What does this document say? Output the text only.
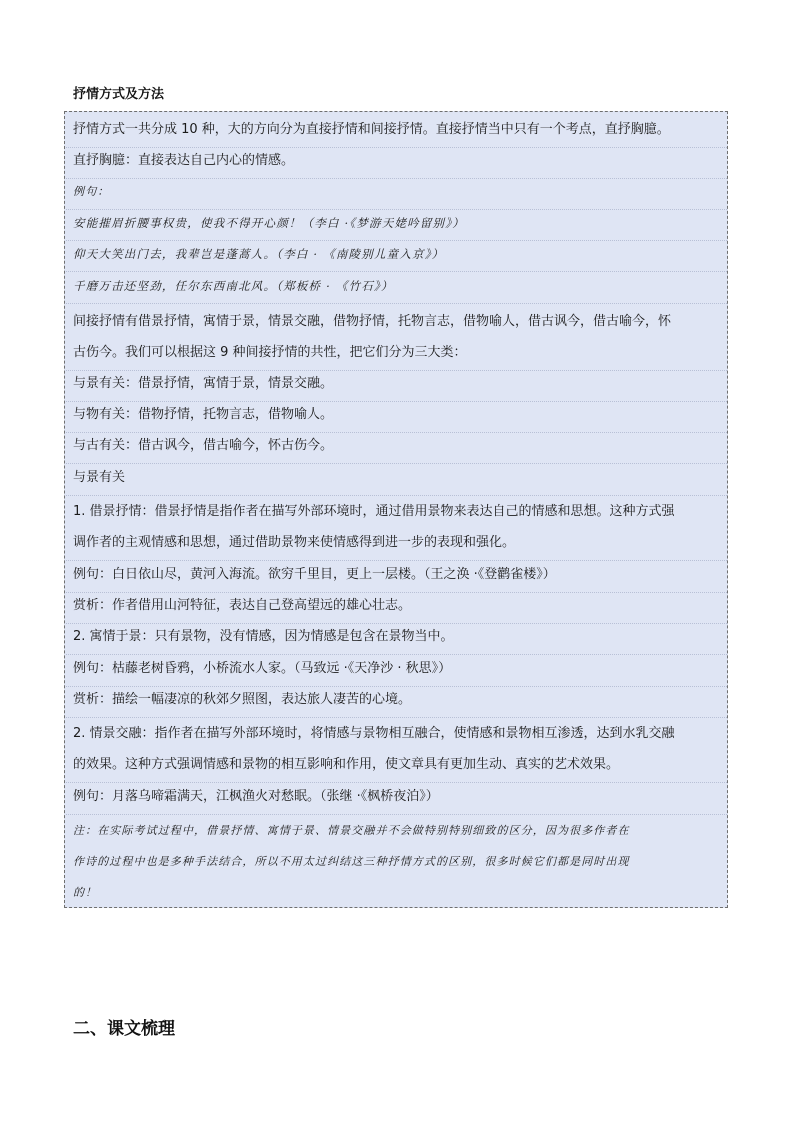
抒情方式及方法
抒情方式一共分成 10 种，大的方向分为直接抒情和间接抒情。直接抒情当中只有一个考点，直抒胸臆。
直抒胸臆：直接表达自己内心的情感。
例句：
安能摧眉折腰事权贵，使我不得开心颜！（李白 ·《梦游天姥吟留别》）
仰天大笑出门去，我辈岂是蓬蒿人。（李白 · 《南陵别儿童入京》）
千磨万击还坚劲，任尔东西南北风。（郑板桥 · 《竹石》）
间接抒情有借景抒情，寓情于景，情景交融，借物抒情，托物言志，借物喻人，借古讽今，借古喻今，怀
古伤今。我们可以根据这 9 种间接抒情的共性，把它们分为三大类：
与景有关：借景抒情，寓情于景，情景交融。
与物有关：借物抒情，托物言志，借物喻人。
与古有关：借古讽今，借古喻今，怀古伤今。
与景有关
1. 借景抒情：借景抒情是指作者在描写外部环境时，通过借用景物来表达自己的情感和思想。这种方式强
调作者的主观情感和思想，通过借助景物来使情感得到进一步的表现和强化。
例句：白日依山尽，黄河入海流。欲穷千里目，更上一层楼。（王之涣 ·《登鹳雀楼》）
赏析：作者借用山河特征，表达自己登高望远的雄心壮志。
2. 寓情于景：只有景物，没有情感，因为情感是包含在景物当中。
例句：枯藤老树昏鸦，小桥流水人家。（马致远 ·《天净沙 · 秋思》）
赏析：描绘一幅凄凉的秋郊夕照图，表达旅人凄苦的心境。
2. 情景交融：指作者在描写外部环境时，将情感与景物相互融合，使情感和景物相互渗透，达到水乳交融
的效果。这种方式强调情感和景物的相互影响和作用，使文章具有更加生动、真实的艺术效果。
例句：月落乌啼霜满天，江枫渔火对愁眠。（张继 ·《枫桥夜泊》）
注：在实际考试过程中，借景抒情、寓情于景、情景交融并不会做特别特别细致的区分，因为很多作者在
作诗的过程中也是多种手法结合，所以不用太过纠结这三种抒情方式的区别，很多时候它们都是同时出现
的！
二、课文梳理
